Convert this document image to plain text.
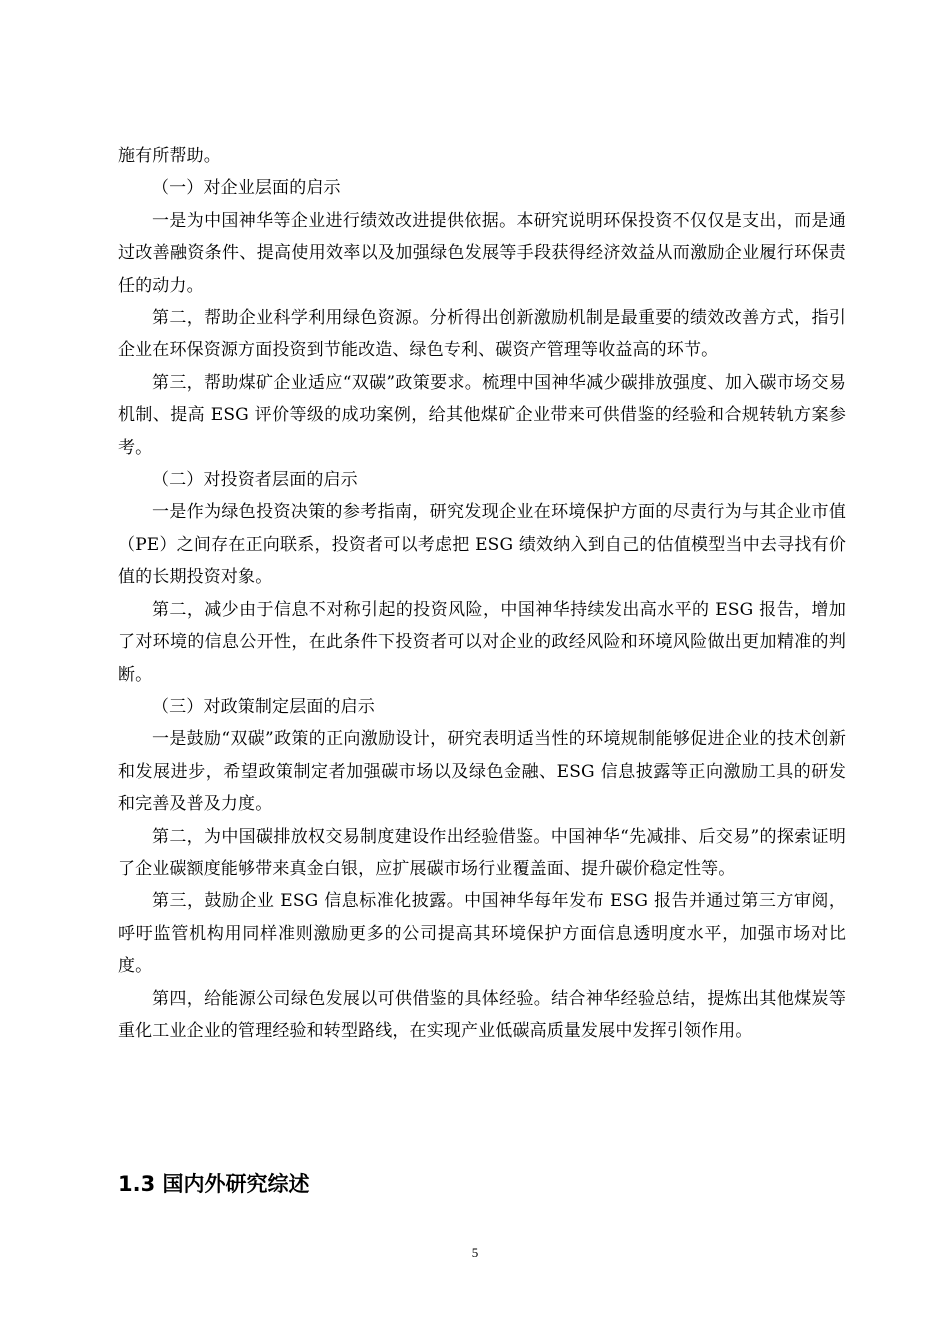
施有所帮助。

（一）对企业层面的启示

一是为中国神华等企业进行绩效改进提供依据。本研究说明环保投资不仅仅是支出，而是通过改善融资条件、提高使用效率以及加强绿色发展等手段获得经济效益从而激励企业履行环保责任的动力。

第二，帮助企业科学利用绿色资源。分析得出创新激励机制是最重要的绩效改善方式，指引企业在环保资源方面投资到节能改造、绿色专利、碳资产管理等收益高的环节。

第三，帮助煤矿企业适应“双碳”政策要求。梳理中国神华减少碳排放强度、加入碳市场交易机制、提高 ESG 评价等级的成功案例，给其他煤矿企业带来可供借鉴的经验和合规转轨方案参考。

（二）对投资者层面的启示

一是作为绿色投资决策的参考指南，研究发现企业在环境保护方面的尽责行为与其企业市值（PE）之间存在正向联系，投资者可以考虑把 ESG 绩效纳入到自己的估值模型当中去寻找有价值的长期投资对象。

第二，减少由于信息不对称引起的投资风险，中国神华持续发出高水平的 ESG 报告，增加了对环境的信息公开性，在此条件下投资者可以对企业的政经风险和环境风险做出更加精准的判断。

（三）对政策制定层面的启示

一是鼓励“双碳”政策的正向激励设计，研究表明适当性的环境规制能够促进企业的技术创新和发展进步，希望政策制定者加强碳市场以及绿色金融、ESG 信息披露等正向激励工具的研发和完善及普及力度。

第二，为中国碳排放权交易制度建设作出经验借鉴。中国神华“先减排、后交易”的探索证明了企业碳额度能够带来真金白银，应扩展碳市场行业覆盖面、提升碳价稳定性等。

第三，鼓励企业 ESG 信息标准化披露。中国神华每年发布 ESG 报告并通过第三方审阅，呼吁监管机构用同样准则激励更多的公司提高其环境保护方面信息透明度水平，加强市场对比度。

第四，给能源公司绿色发展以可供借鉴的具体经验。结合神华经验总结，提炼出其他煤炭等重化工业企业的管理经验和转型路线，在实现产业低碳高质量发展中发挥引领作用。

1.3 国内外研究综述
5
